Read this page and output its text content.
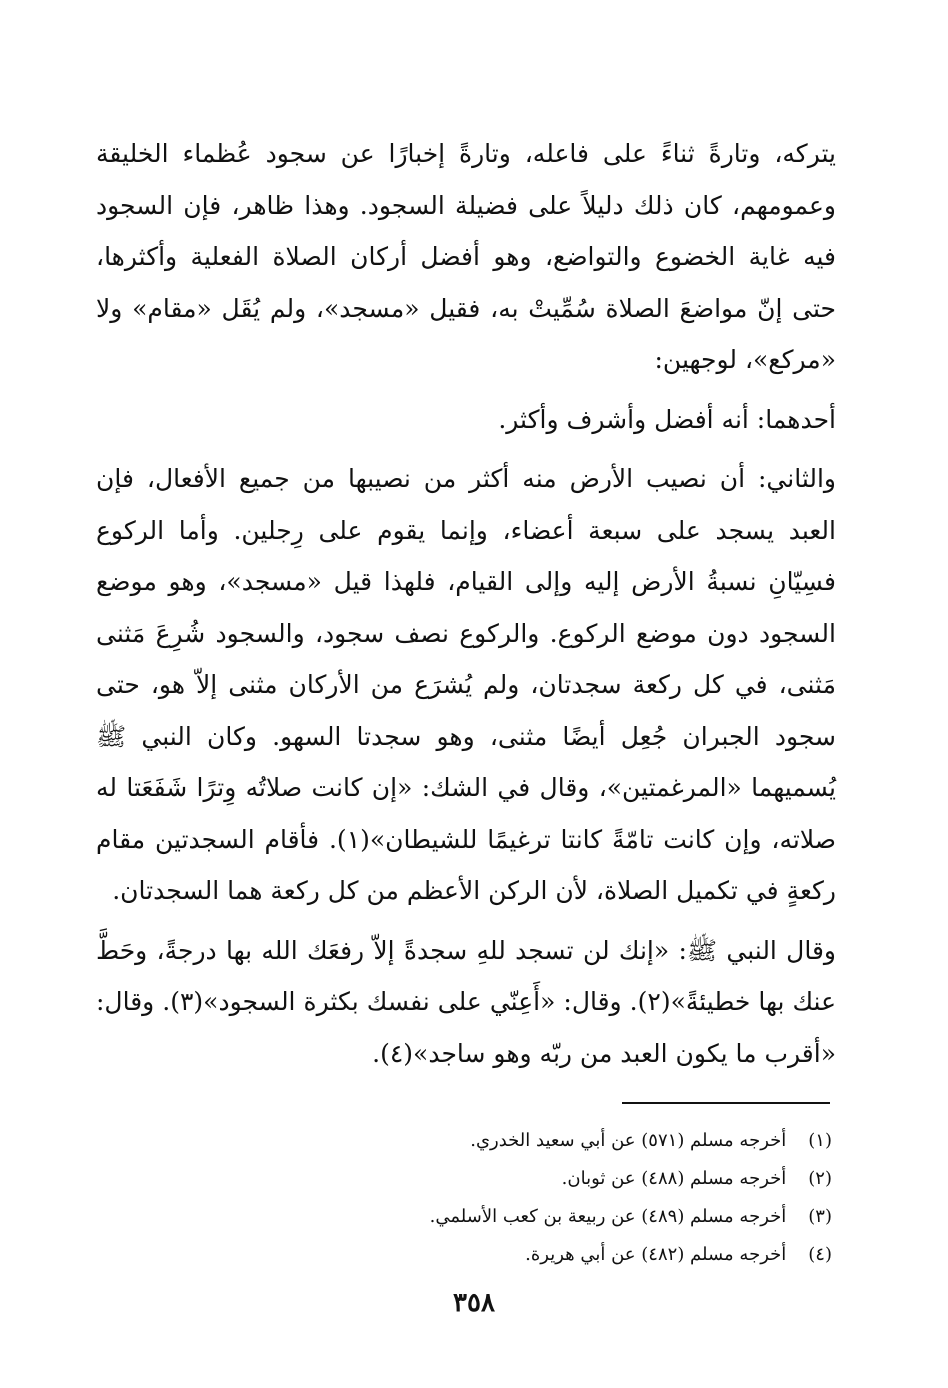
يتركه، وتارةً ثناءً على فاعله، وتارةً إخبارًا عن سجود عُظماء الخليقة وعمومهم، كان ذلك دليلاً على فضيلة السجود. وهذا ظاهر، فإن السجود فيه غاية الخضوع والتواضع، وهو أفضل أركان الصلاة الفعلية وأكثرها، حتى إنّ مواضعَ الصلاة سُمِّيتْ به، فقيل «مسجد»، ولم يُقَل «مقام» ولا «مركع»، لوجهين:

أحدهما: أنه أفضل وأشرف وأكثر.

والثاني: أن نصيب الأرض منه أكثر من نصيبها من جميع الأفعال، فإن العبد يسجد على سبعة أعضاء، وإنما يقوم على رِجلين. وأما الركوع فسِيّانِ نسبةُ الأرض إليه وإلى القيام، فلهذا قيل «مسجد»، وهو موضع السجود دون موضع الركوع. والركوع نصف سجود، والسجود شُرِعَ مَثنى مَثنى، في كل ركعة سجدتان، ولم يُشرَع من الأركان مثنى إلاّ هو، حتى سجود الجبران جُعِل أيضًا مثنى، وهو سجدتا السهو. وكان النبي ﷺ يُسميهما «المرغمتين»، وقال في الشك: «إن كانت صلاتُه وِترًا شَفَعَتا له صلاته، وإن كانت تامّةً كانتا ترغيمًا للشيطان»(١). فأقام السجدتين مقام ركعةٍ في تكميل الصلاة، لأن الركن الأعظم من كل ركعة هما السجدتان.

وقال النبي ﷺ: «إنك لن تسجد للهِ سجدةً إلاّ رفعَك الله بها درجةً، وحَطَّ عنك بها خطيئةً»(٢). وقال: «أَعِنّي على نفسك بكثرة السجود»(٣). وقال: «أقرب ما يكون العبد من ربّه وهو ساجد»(٤).

(١) أخرجه مسلم (٥٧١) عن أبي سعيد الخدري.

(٢) أخرجه مسلم (٤٨٨) عن ثوبان.

(٣) أخرجه مسلم (٤٨٩) عن ربيعة بن كعب الأسلمي.

(٤) أخرجه مسلم (٤٨٢) عن أبي هريرة.

٣٥٨
